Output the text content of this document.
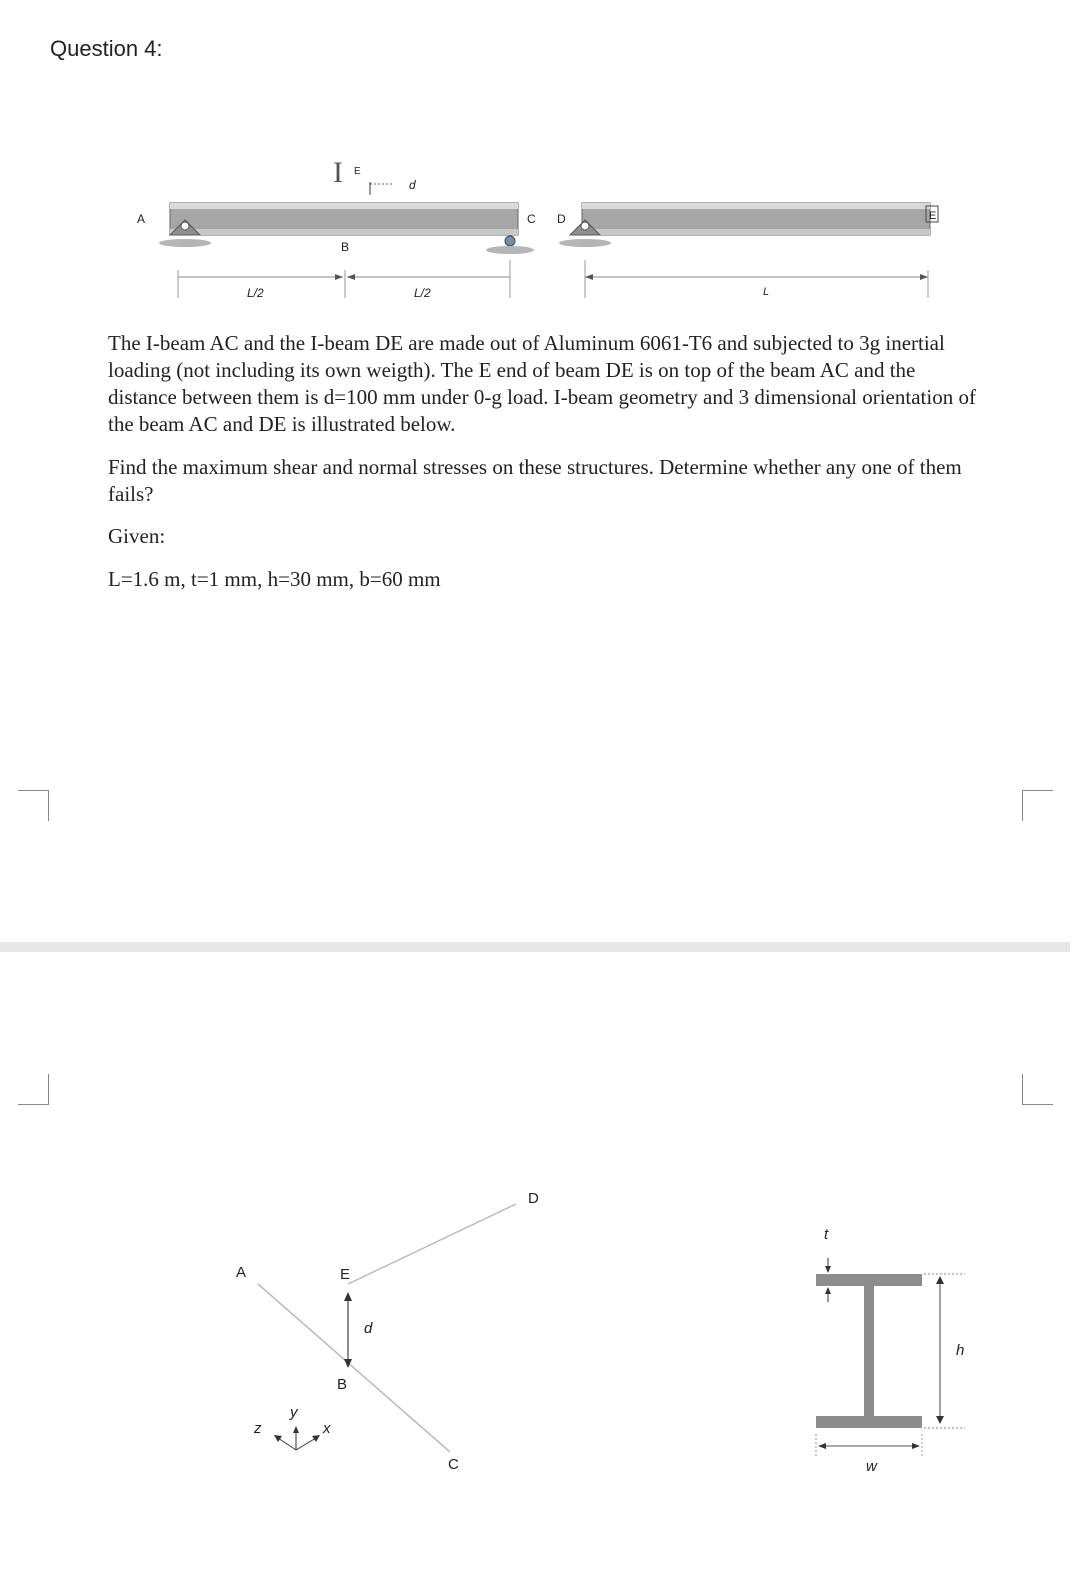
Question 4:
A
B
C D	E
I E
d
L/2	L/2	L
The I-beam AC and the I-beam DE are made out of Aluminum 6061-T6 and subjected to 3g inertial loading (not including its own weigth). The E end of beam DE is on top of the beam AC and the distance between them is d=100 mm under 0-g load. I-beam geometry and 3 dimensional orientation of the beam AC and DE is illustrated below.
Find the maximum shear and normal stresses on these structures. Determine whether any one of them fails?
Given:
L=1.6 m, t=1 mm, h=30 mm, b=60 mm
A	E
d
B
C
D
y
x
z
t
h
w
